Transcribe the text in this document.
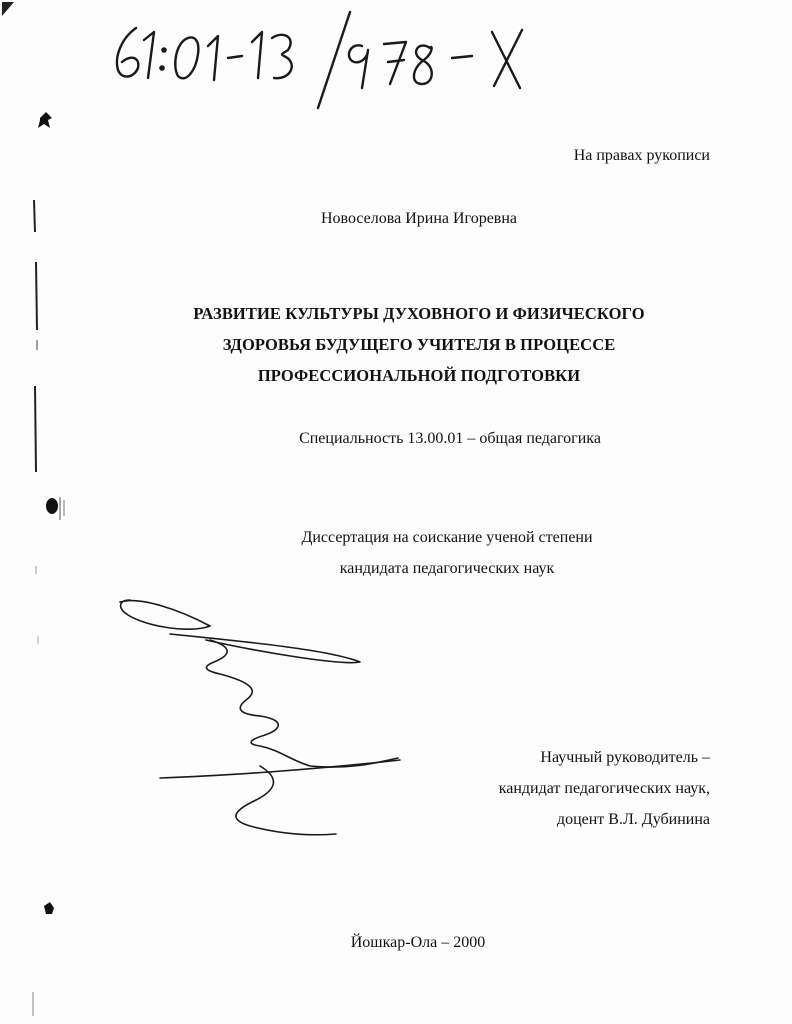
На правах рукописи
Новоселова Ирина Игоревна
РАЗВИТИЕ КУЛЬТУРЫ ДУХОВНОГО И ФИЗИЧЕСКОГО
ЗДОРОВЬЯ БУДУЩЕГО УЧИТЕЛЯ В ПРОЦЕССЕ
ПРОФЕССИОНАЛЬНОЙ ПОДГОТОВКИ
Специальность 13.00.01 – общая педагогика
Диссертация на соискание ученой степени
кандидата педагогических наук
Научный руководитель –
кандидат педагогических наук,
доцент В.Л. Дубинина
Йошкар-Ола – 2000
